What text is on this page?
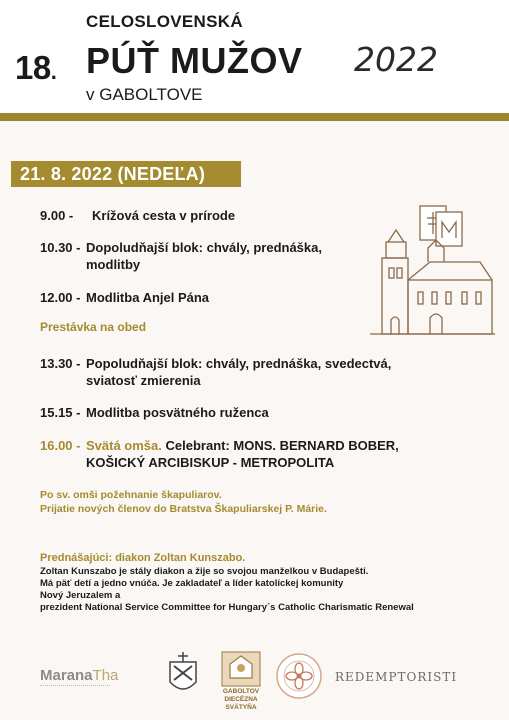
18.
CELOSLOVENSKÁ
PÚŤ MUŽOV
v GABOLTOVE
2022
21. 8. 2022 (NEDEĽA)
9.00 - Krížová cesta v prírode
10.30 - Dopoludňajší blok: chvály, prednáška,
modlitby
12.00 - Modlitba Anjel Pána
Prestávka na obed
13.30 - Popoludňajší blok: chvály, prednáška, svedectvá,
sviatosť zmierenia
15.15 - Modlitba posvätného ruženca
16.00 - Svätá omša. Celebrant: MONS. BERNARD BOBER,
KOŠICKÝ ARCIBISKUP - METROPOLITA
Po sv. omši požehnanie škapuliarov.
Prijatie nových členov do Bratstva Škapuliarskej P. Márie.
Prednášajúci: diakon Zoltan Kunszabo.
Zoltan Kunszabo je stály diakon a žije so svojou manželkou v Budapešti.
Má päť detí a jedno vnúča. Je zakladateľ a líder katolíckej komunity
Nový Jeruzalem a
prezident National Service Committee for Hungary´s Catholic Charismatic Renewal
MaranaTha
GABOLTOV
DIECÉZNA
SVÄTYŇA
REDEMPTORISTI
